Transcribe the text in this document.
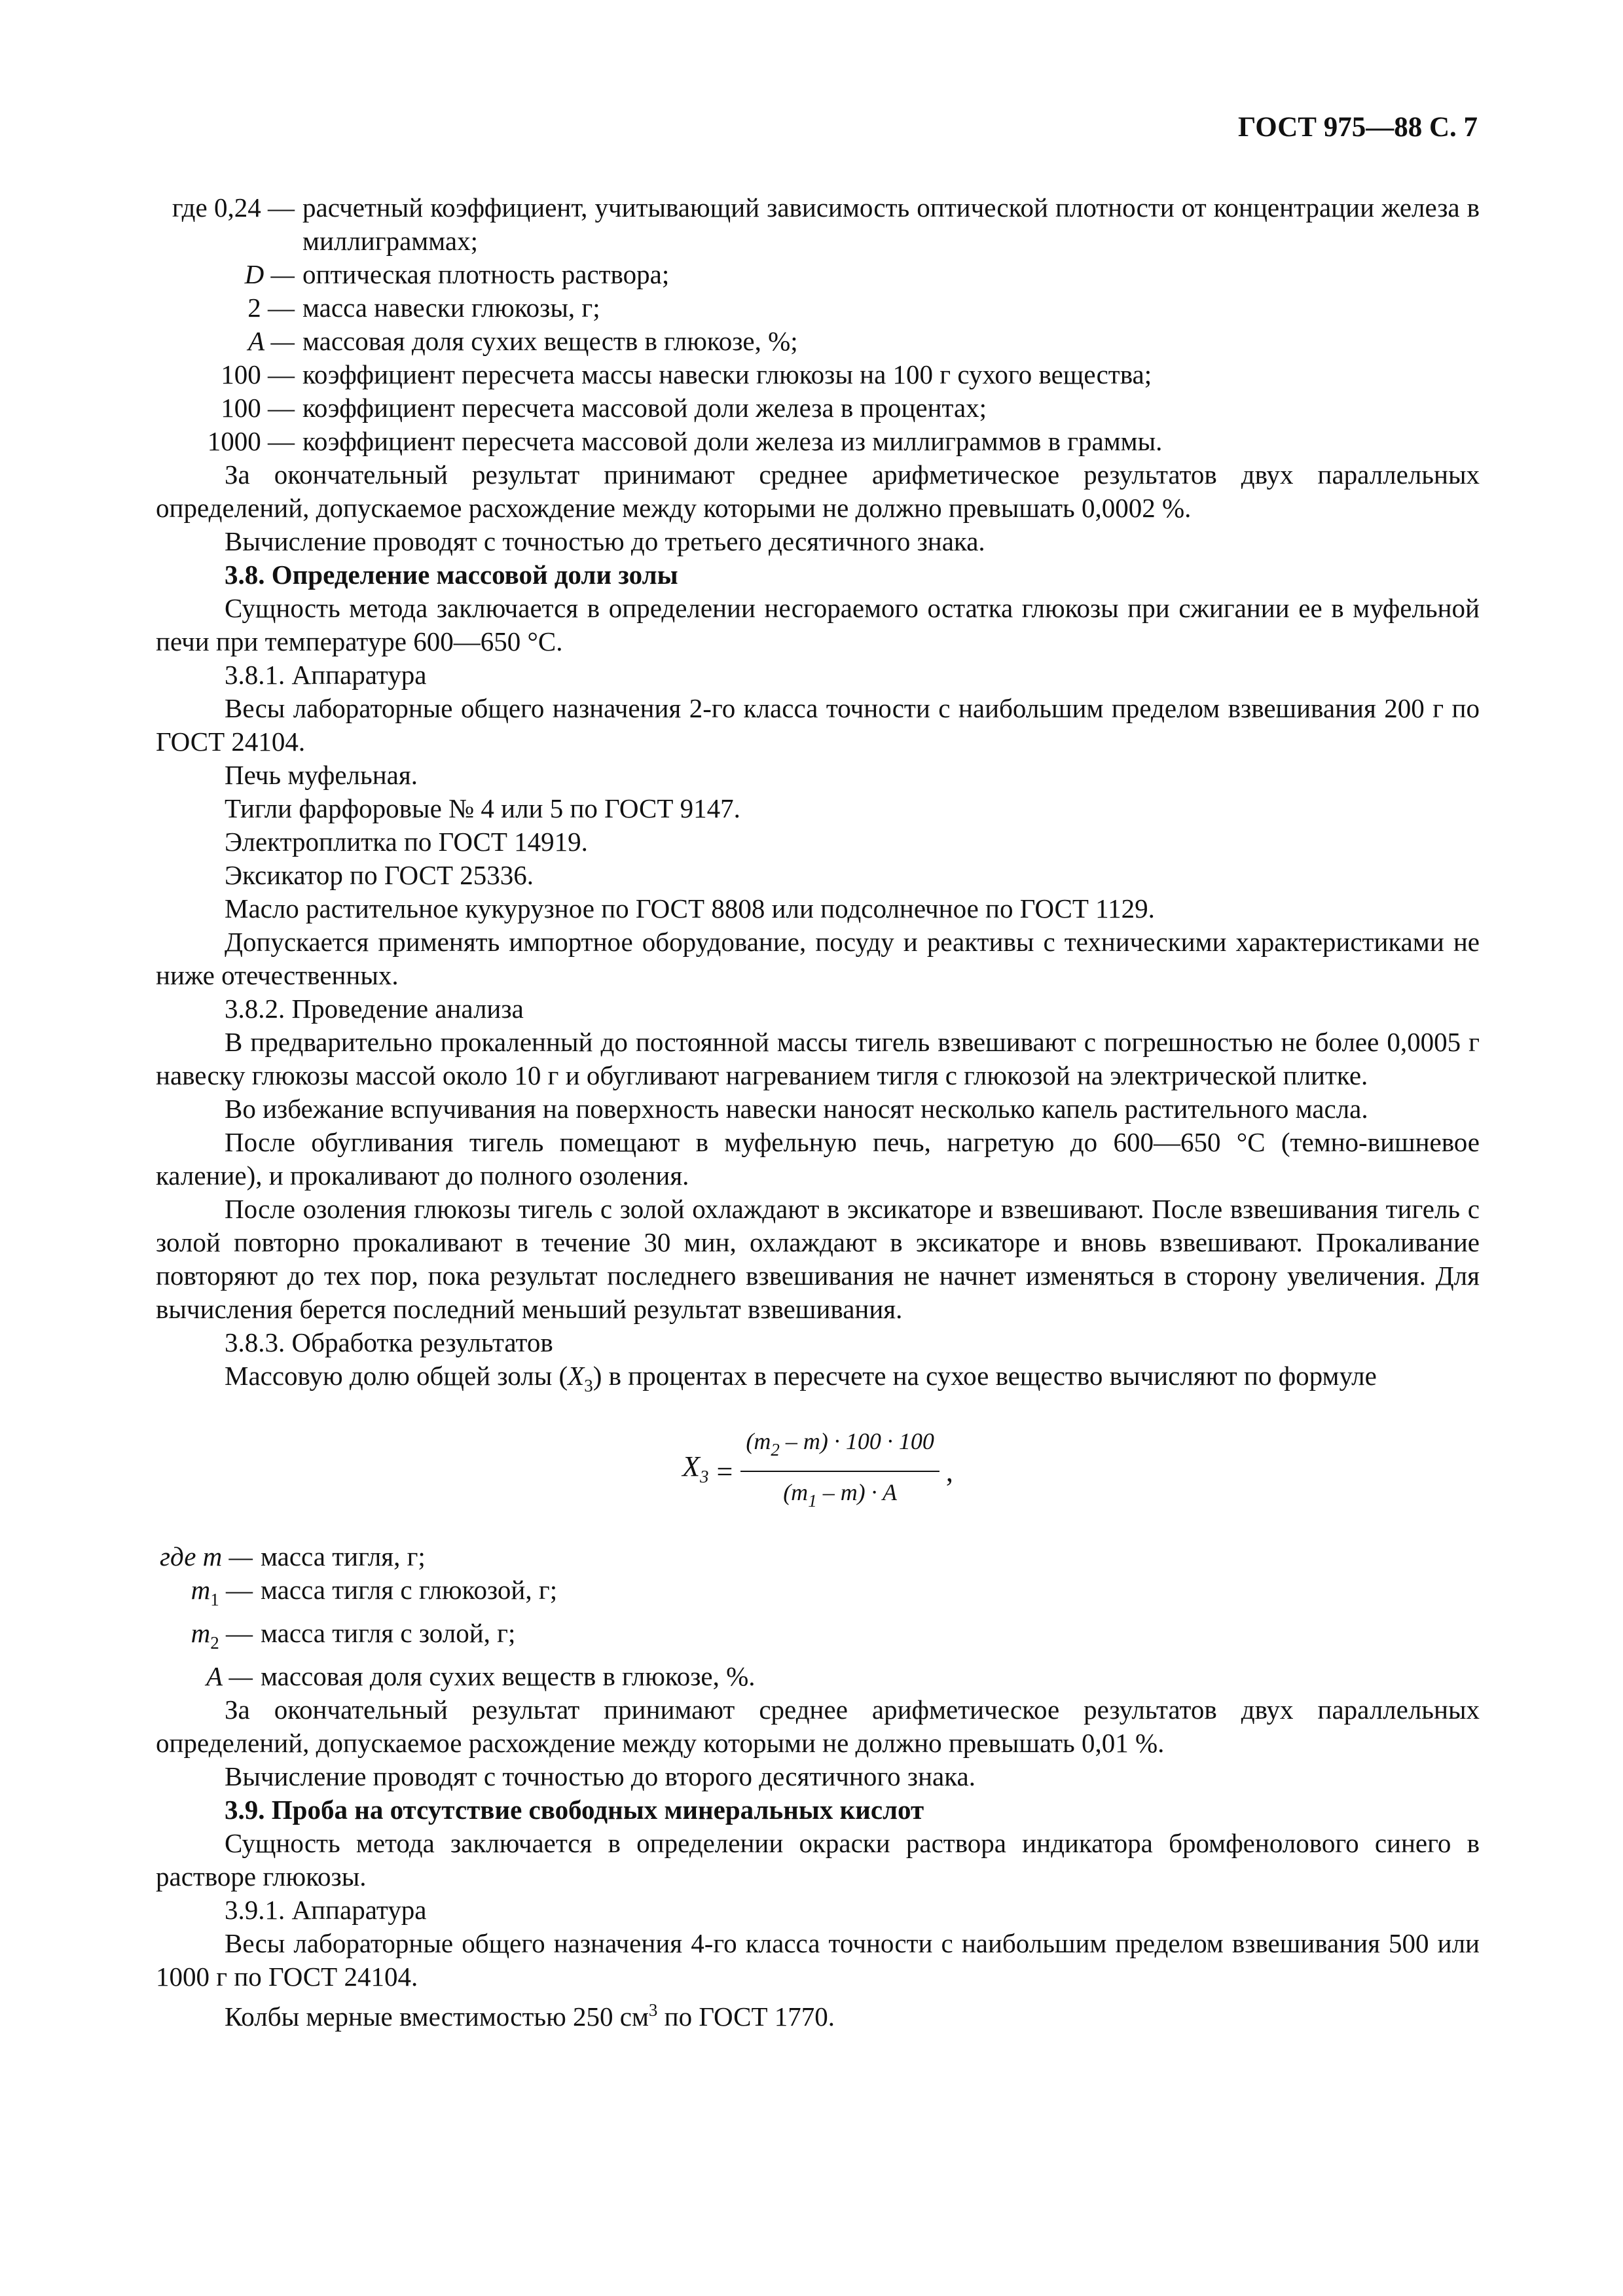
ГОСТ 975—88 С. 7
где 0,24 — расчетный коэффициент, учитывающий зависимость оптической плотности от концентрации железа в миллиграммах;
D — оптическая плотность раствора;
2 — масса навески глюкозы, г;
A — массовая доля сухих веществ в глюкозе, %;
100 — коэффициент пересчета массы навески глюкозы на 100 г сухого вещества;
100 — коэффициент пересчета массовой доли железа в процентах;
1000 — коэффициент пересчета массовой доли железа из миллиграммов в граммы.

За окончательный результат принимают среднее арифметическое результатов двух параллельных определений, допускаемое расхождение между которыми не должно превышать 0,0002 %.

Вычисление проводят с точностью до третьего десятичного знака.

3.8. Определение массовой доли золы

Сущность метода заключается в определении несгораемого остатка глюкозы при сжигании ее в муфельной печи при температуре 600—650 °С.

3.8.1. Аппаратура

Весы лабораторные общего назначения 2-го класса точности с наибольшим пределом взвешивания 200 г по ГОСТ 24104.

Печь муфельная.

Тигли фарфоровые № 4 или 5 по ГОСТ 9147.

Электроплитка по ГОСТ 14919.

Эксикатор по ГОСТ 25336.

Масло растительное кукурузное по ГОСТ 8808 или подсолнечное по ГОСТ 1129.

Допускается применять импортное оборудование, посуду и реактивы с техническими характеристиками не ниже отечественных.

3.8.2. Проведение анализа

В предварительно прокаленный до постоянной массы тигель взвешивают с погрешностью не более 0,0005 г навеску глюкозы массой около 10 г и обугливают нагреванием тигля с глюкозой на электрической плитке.

Во избежание вспучивания на поверхность навески наносят несколько капель растительного масла.

После обугливания тигель помещают в муфельную печь, нагретую до 600—650 °С (темно-вишневое каление), и прокаливают до полного озоления.

После озоления глюкозы тигель с золой охлаждают в эксикаторе и взвешивают. После взвешивания тигель с золой повторно прокаливают в течение 30 мин, охлаждают в эксикаторе и вновь взвешивают. Прокаливание повторяют до тех пор, пока результат последнего взвешивания не начнет изменяться в сторону увеличения. Для вычисления берется последний меньший результат взвешивания.

3.8.3. Обработка результатов

Массовую долю общей золы $(X_3)$ в процентах в пересчете на сухое вещество вычисляют по формуле

$X_3 = \frac{(m_2 - m) \cdot 100 \cdot 100}{(m_1 - m) \cdot A}$ ,
где m — масса тигля, г;
$m_1$ — масса тигля с глюкозой, г;
$m_2$ — масса тигля с золой, г;
A — массовая доля сухих веществ в глюкозе, %.

За окончательный результат принимают среднее арифметическое результатов двух параллельных определений, допускаемое расхождение между которыми не должно превышать 0,01 %.

Вычисление проводят с точностью до второго десятичного знака.

3.9. Проба на отсутствие свободных минеральных кислот

Сущность метода заключается в определении окраски раствора индикатора бромфенолового синего в растворе глюкозы.

3.9.1. Аппаратура

Весы лабораторные общего назначения 4-го класса точности с наибольшим пределом взвешивания 500 или 1000 г по ГОСТ 24104.

Колбы мерные вместимостью 250 $см^3$ по ГОСТ 1770.
